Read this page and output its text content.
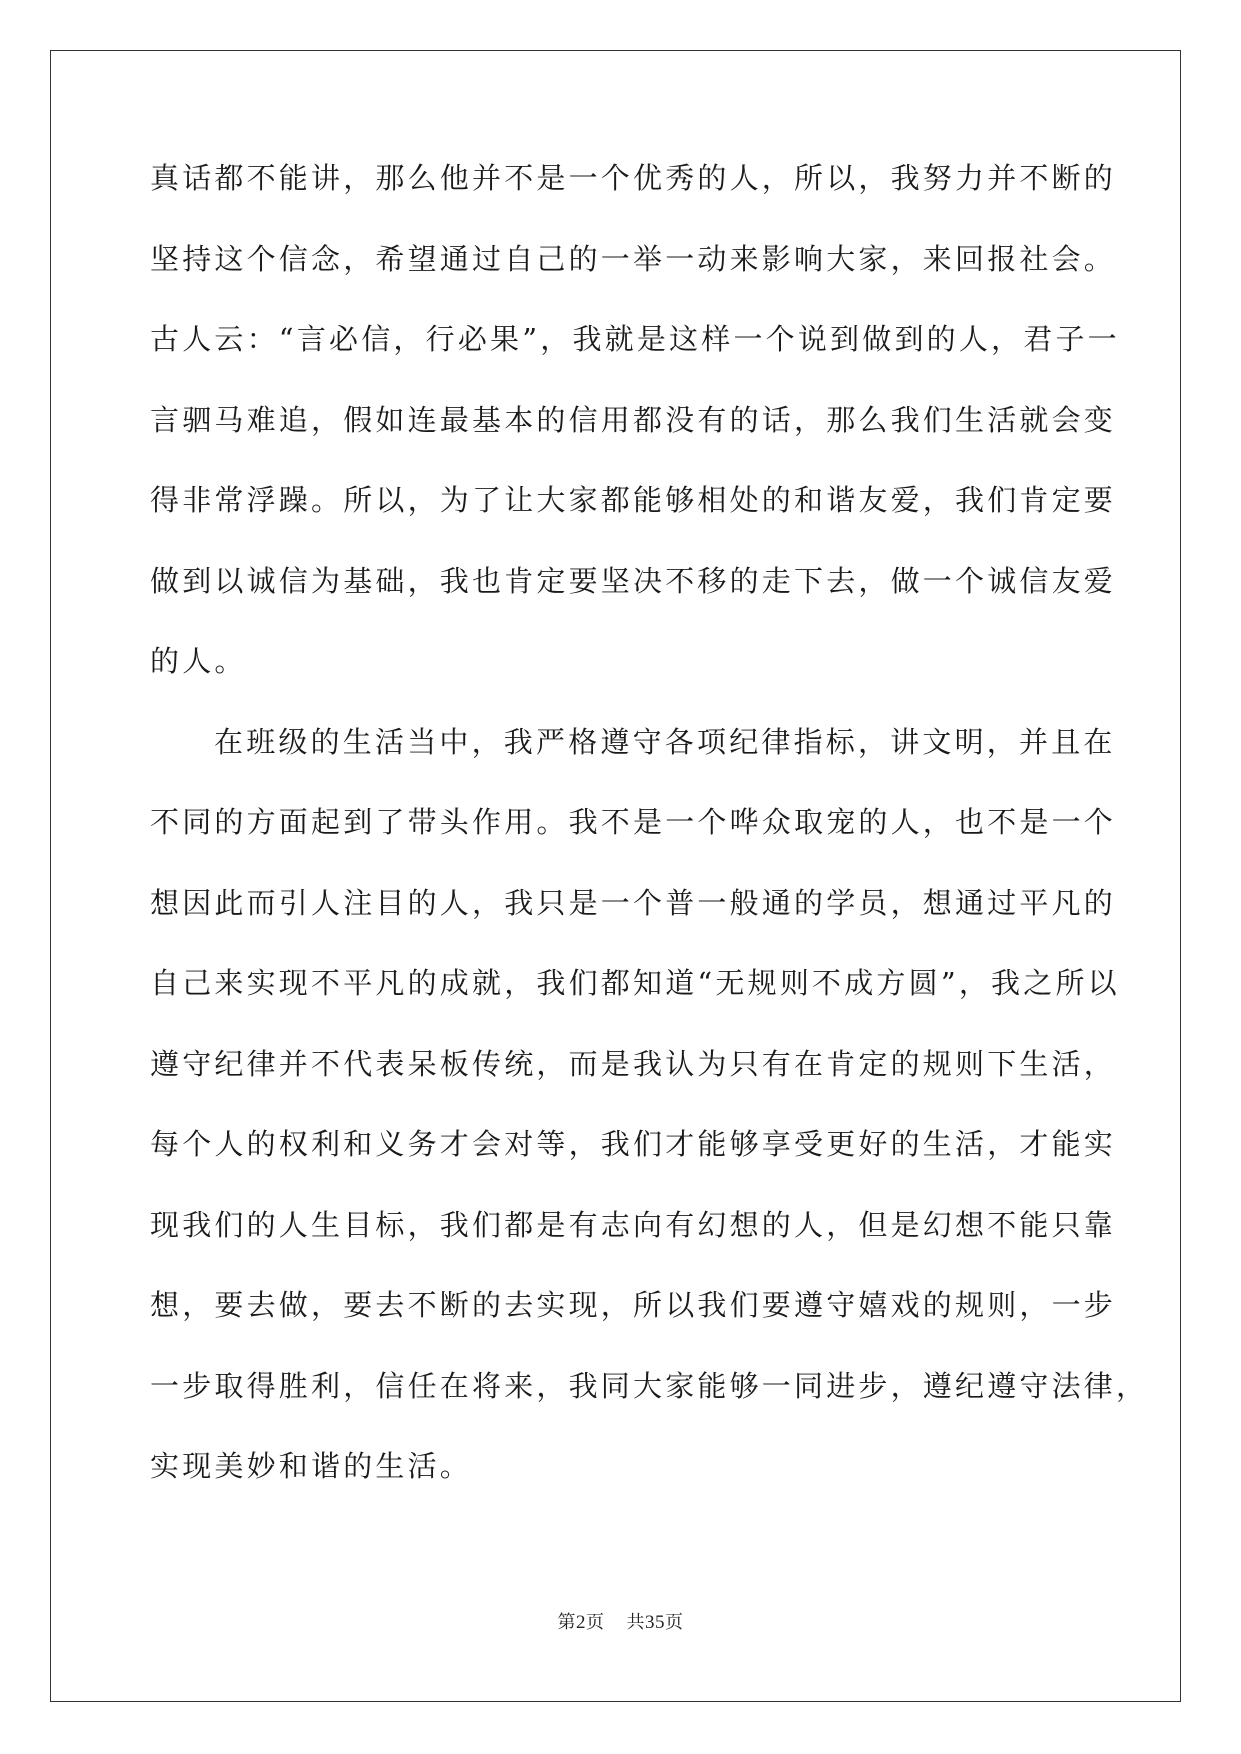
真话都不能讲，那么他并不是一个优秀的人，所以，我努力并不断的
坚持这个信念，希望通过自己的一举一动来影响大家，来回报社会。
古人云：“言必信，行必果”，我就是这样一个说到做到的人，君子一
言驷马难追，假如连最基本的信用都没有的话，那么我们生活就会变
得非常浮躁。所以，为了让大家都能够相处的和谐友爱，我们肯定要
做到以诚信为基础，我也肯定要坚决不移的走下去，做一个诚信友爱
的人。
在班级的生活当中，我严格遵守各项纪律指标，讲文明，并且在
不同的方面起到了带头作用。我不是一个哗众取宠的人，也不是一个
想因此而引人注目的人，我只是一个普一般通的学员，想通过平凡的
自己来实现不平凡的成就，我们都知道“无规则不成方圆”，我之所以
遵守纪律并不代表呆板传统，而是我认为只有在肯定的规则下生活，
每个人的权利和义务才会对等，我们才能够享受更好的生活，才能实
现我们的人生目标，我们都是有志向有幻想的人，但是幻想不能只靠
想，要去做，要去不断的去实现，所以我们要遵守嬉戏的规则，一步
一步取得胜利，信任在将来，我同大家能够一同进步，遵纪遵守法律，
实现美妙和谐的生活。
第2页 共35页
